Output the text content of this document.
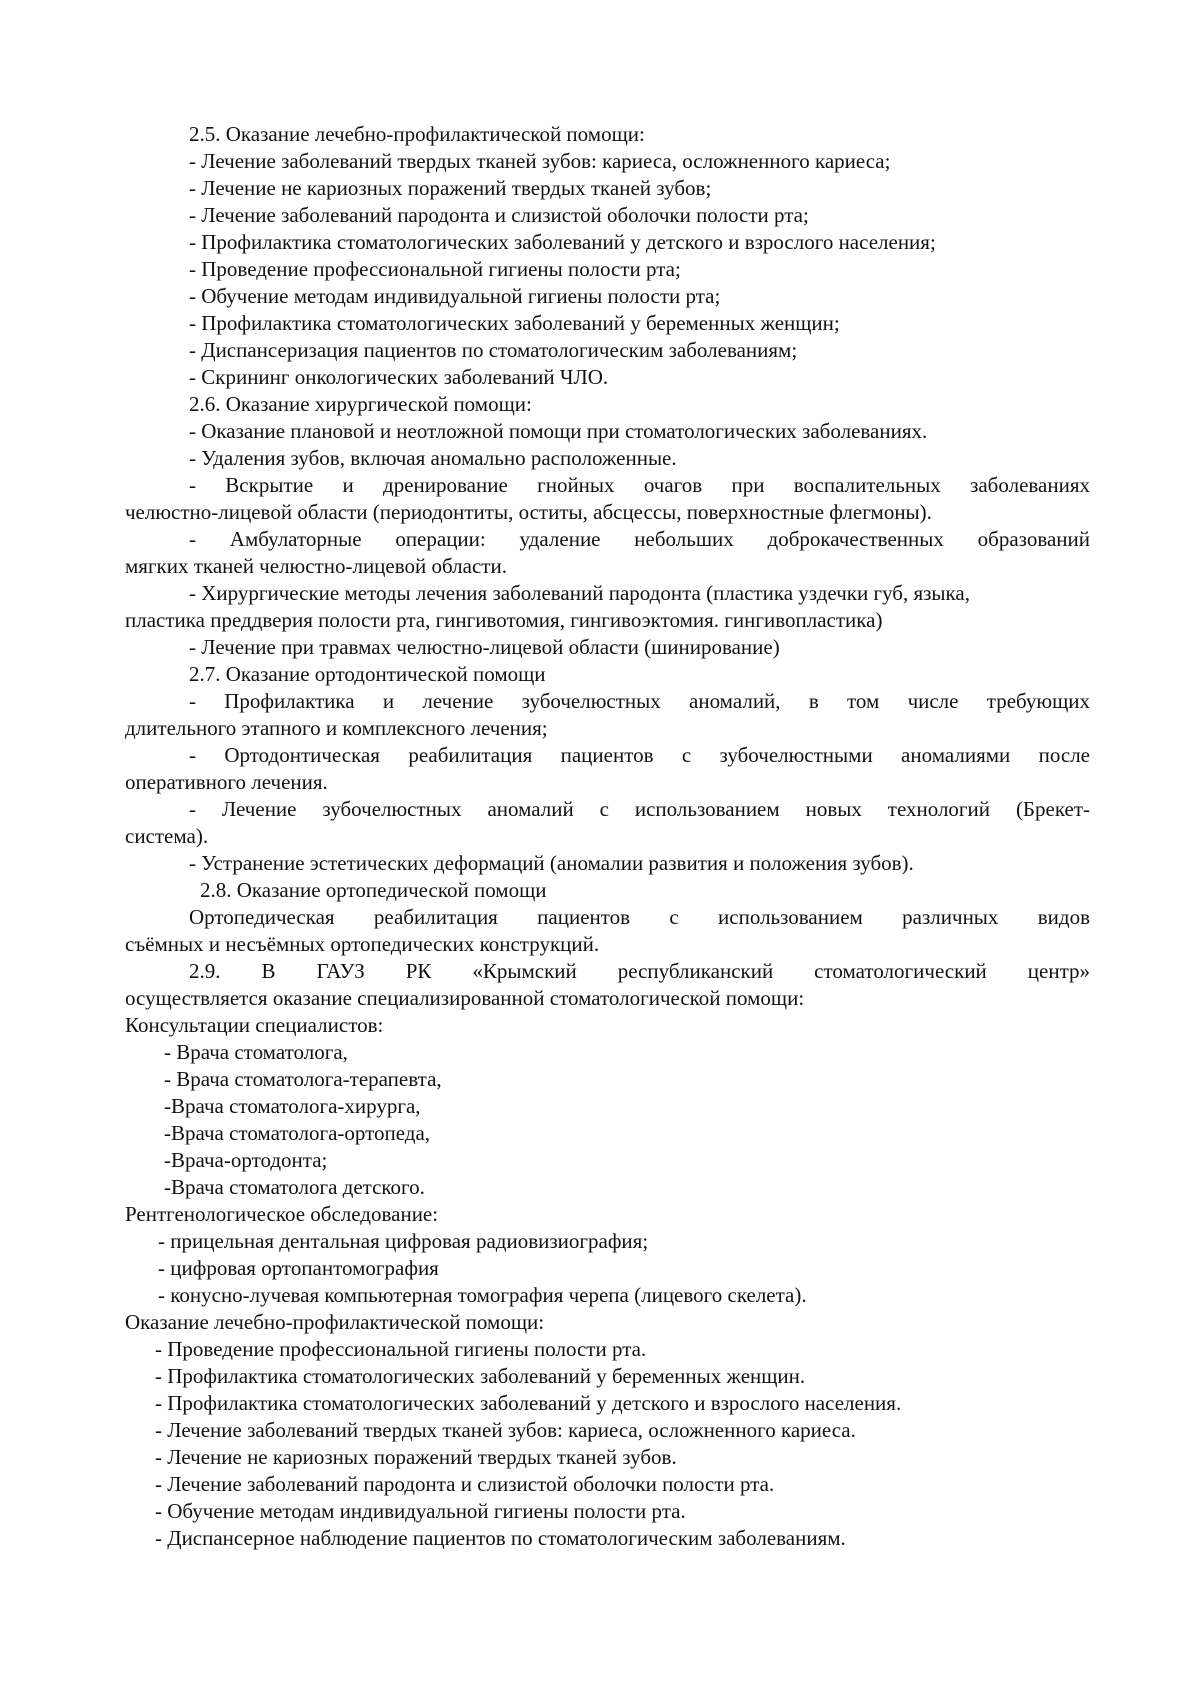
2.5. Оказание лечебно-профилактической помощи:
- Лечение заболеваний твердых тканей зубов: кариеса, осложненного кариеса;
- Лечение не кариозных поражений твердых тканей зубов;
- Лечение заболеваний пародонта и слизистой оболочки полости рта;
- Профилактика стоматологических заболеваний у детского и взрослого населения;
- Проведение профессиональной гигиены полости рта;
- Обучение методам индивидуальной гигиены полости рта;
- Профилактика стоматологических заболеваний у беременных женщин;
- Диспансеризация пациентов по стоматологическим заболеваниям;
- Скрининг онкологических заболеваний ЧЛО.
2.6. Оказание хирургической помощи:
- Оказание плановой и неотложной помощи при стоматологических заболеваниях.
- Удаления зубов, включая аномально расположенные.
- Вскрытие и дренирование гнойных очагов при воспалительных заболеваниях
челюстно-лицевой области (периодонтиты, оститы, абсцессы, поверхностные флегмоны).
- Амбулаторные операции: удаление небольших доброкачественных образований
мягких тканей челюстно-лицевой области.
- Хирургические методы лечения заболеваний пародонта (пластика уздечки губ, языка,
пластика преддверия полости рта, гингивотомия, гингивоэктомия. гингивопластика)
- Лечение при травмах челюстно-лицевой области (шинирование)
2.7. Оказание ортодонтической помощи
- Профилактика и лечение зубочелюстных аномалий, в том числе требующих
длительного этапного и комплексного лечения;
- Ортодонтическая реабилитация пациентов с зубочелюстными аномалиями после
оперативного лечения.
- Лечение зубочелюстных аномалий с использованием новых технологий (Брекет-
система).
- Устранение эстетических деформаций (аномалии развития и положения зубов).
2.8. Оказание ортопедической помощи
Ортопедическая реабилитация пациентов с использованием различных видов
съёмных и несъёмных ортопедических конструкций.
2.9. В ГАУЗ РК «Крымский республиканский стоматологический центр»
осуществляется оказание специализированной стоматологической помощи:
Консультации специалистов:
- Врача стоматолога,
- Врача стоматолога-терапевта,
-Врача стоматолога-хирурга,
-Врача стоматолога-ортопеда,
-Врача-ортодонта;
-Врача стоматолога детского.
Рентгенологическое обследование:
- прицельная дентальная цифровая радиовизиография;
- цифровая ортопантомография
- конусно-лучевая компьютерная томография черепа (лицевого скелета).
Оказание лечебно-профилактической помощи:
- Проведение профессиональной гигиены полости рта.
- Профилактика стоматологических заболеваний у беременных женщин.
- Профилактика стоматологических заболеваний у детского и взрослого населения.
- Лечение заболеваний твердых тканей зубов: кариеса, осложненного кариеса.
- Лечение не кариозных поражений твердых тканей зубов.
- Лечение заболеваний пародонта и слизистой оболочки полости рта.
- Обучение методам индивидуальной гигиены полости рта.
- Диспансерное наблюдение пациентов по стоматологическим заболеваниям.
